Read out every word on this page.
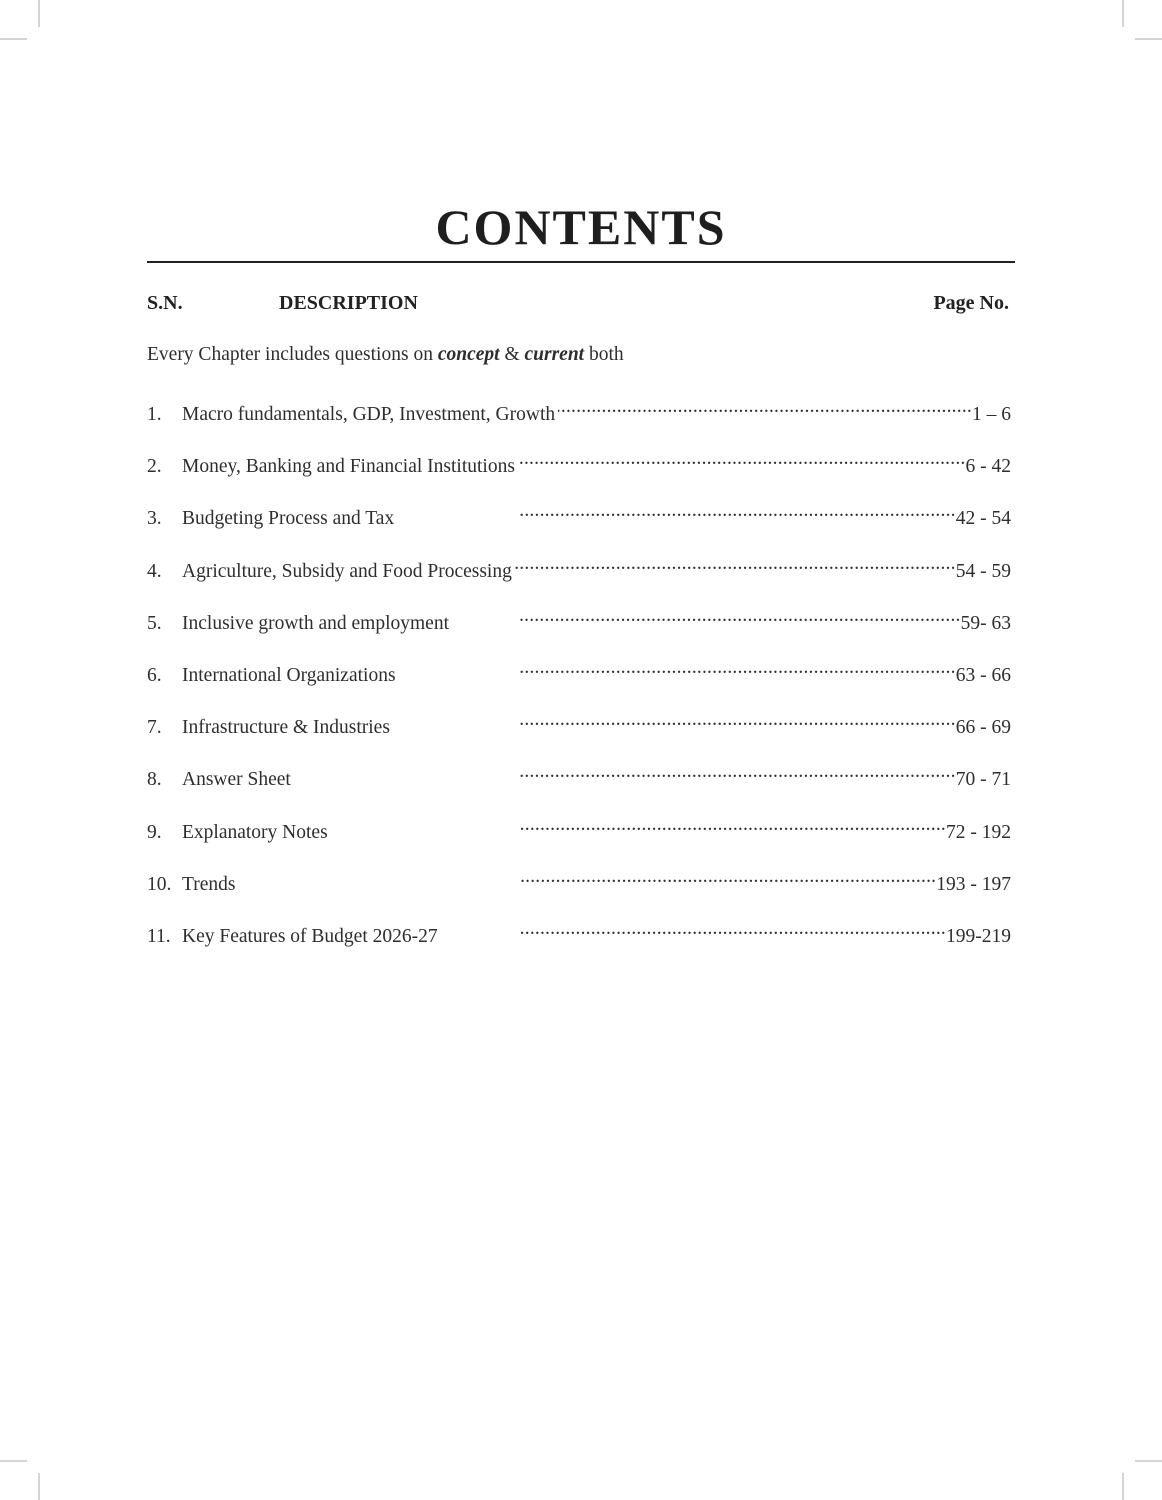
CONTENTS
S.N.	DESCRIPTION	Page No.
Every Chapter includes questions on concept & current both
1.	Macro fundamentals, GDP, Investment, Growth .....	1 – 6
2.	Money, Banking and Financial Institutions .....	6 - 42
3.	Budgeting Process and Tax .....	42 - 54
4.	Agriculture, Subsidy and Food Processing .....	54 - 59
5.	Inclusive growth and employment .....	59- 63
6.	International Organizations .....	63 - 66
7.	Infrastructure & Industries .....	66 - 69
8.	Answer Sheet .....	70 - 71
9.	Explanatory Notes .....	72 - 192
10. Trends .....	193 - 197
11. Key Features of Budget 2026-27 .....	199-219
